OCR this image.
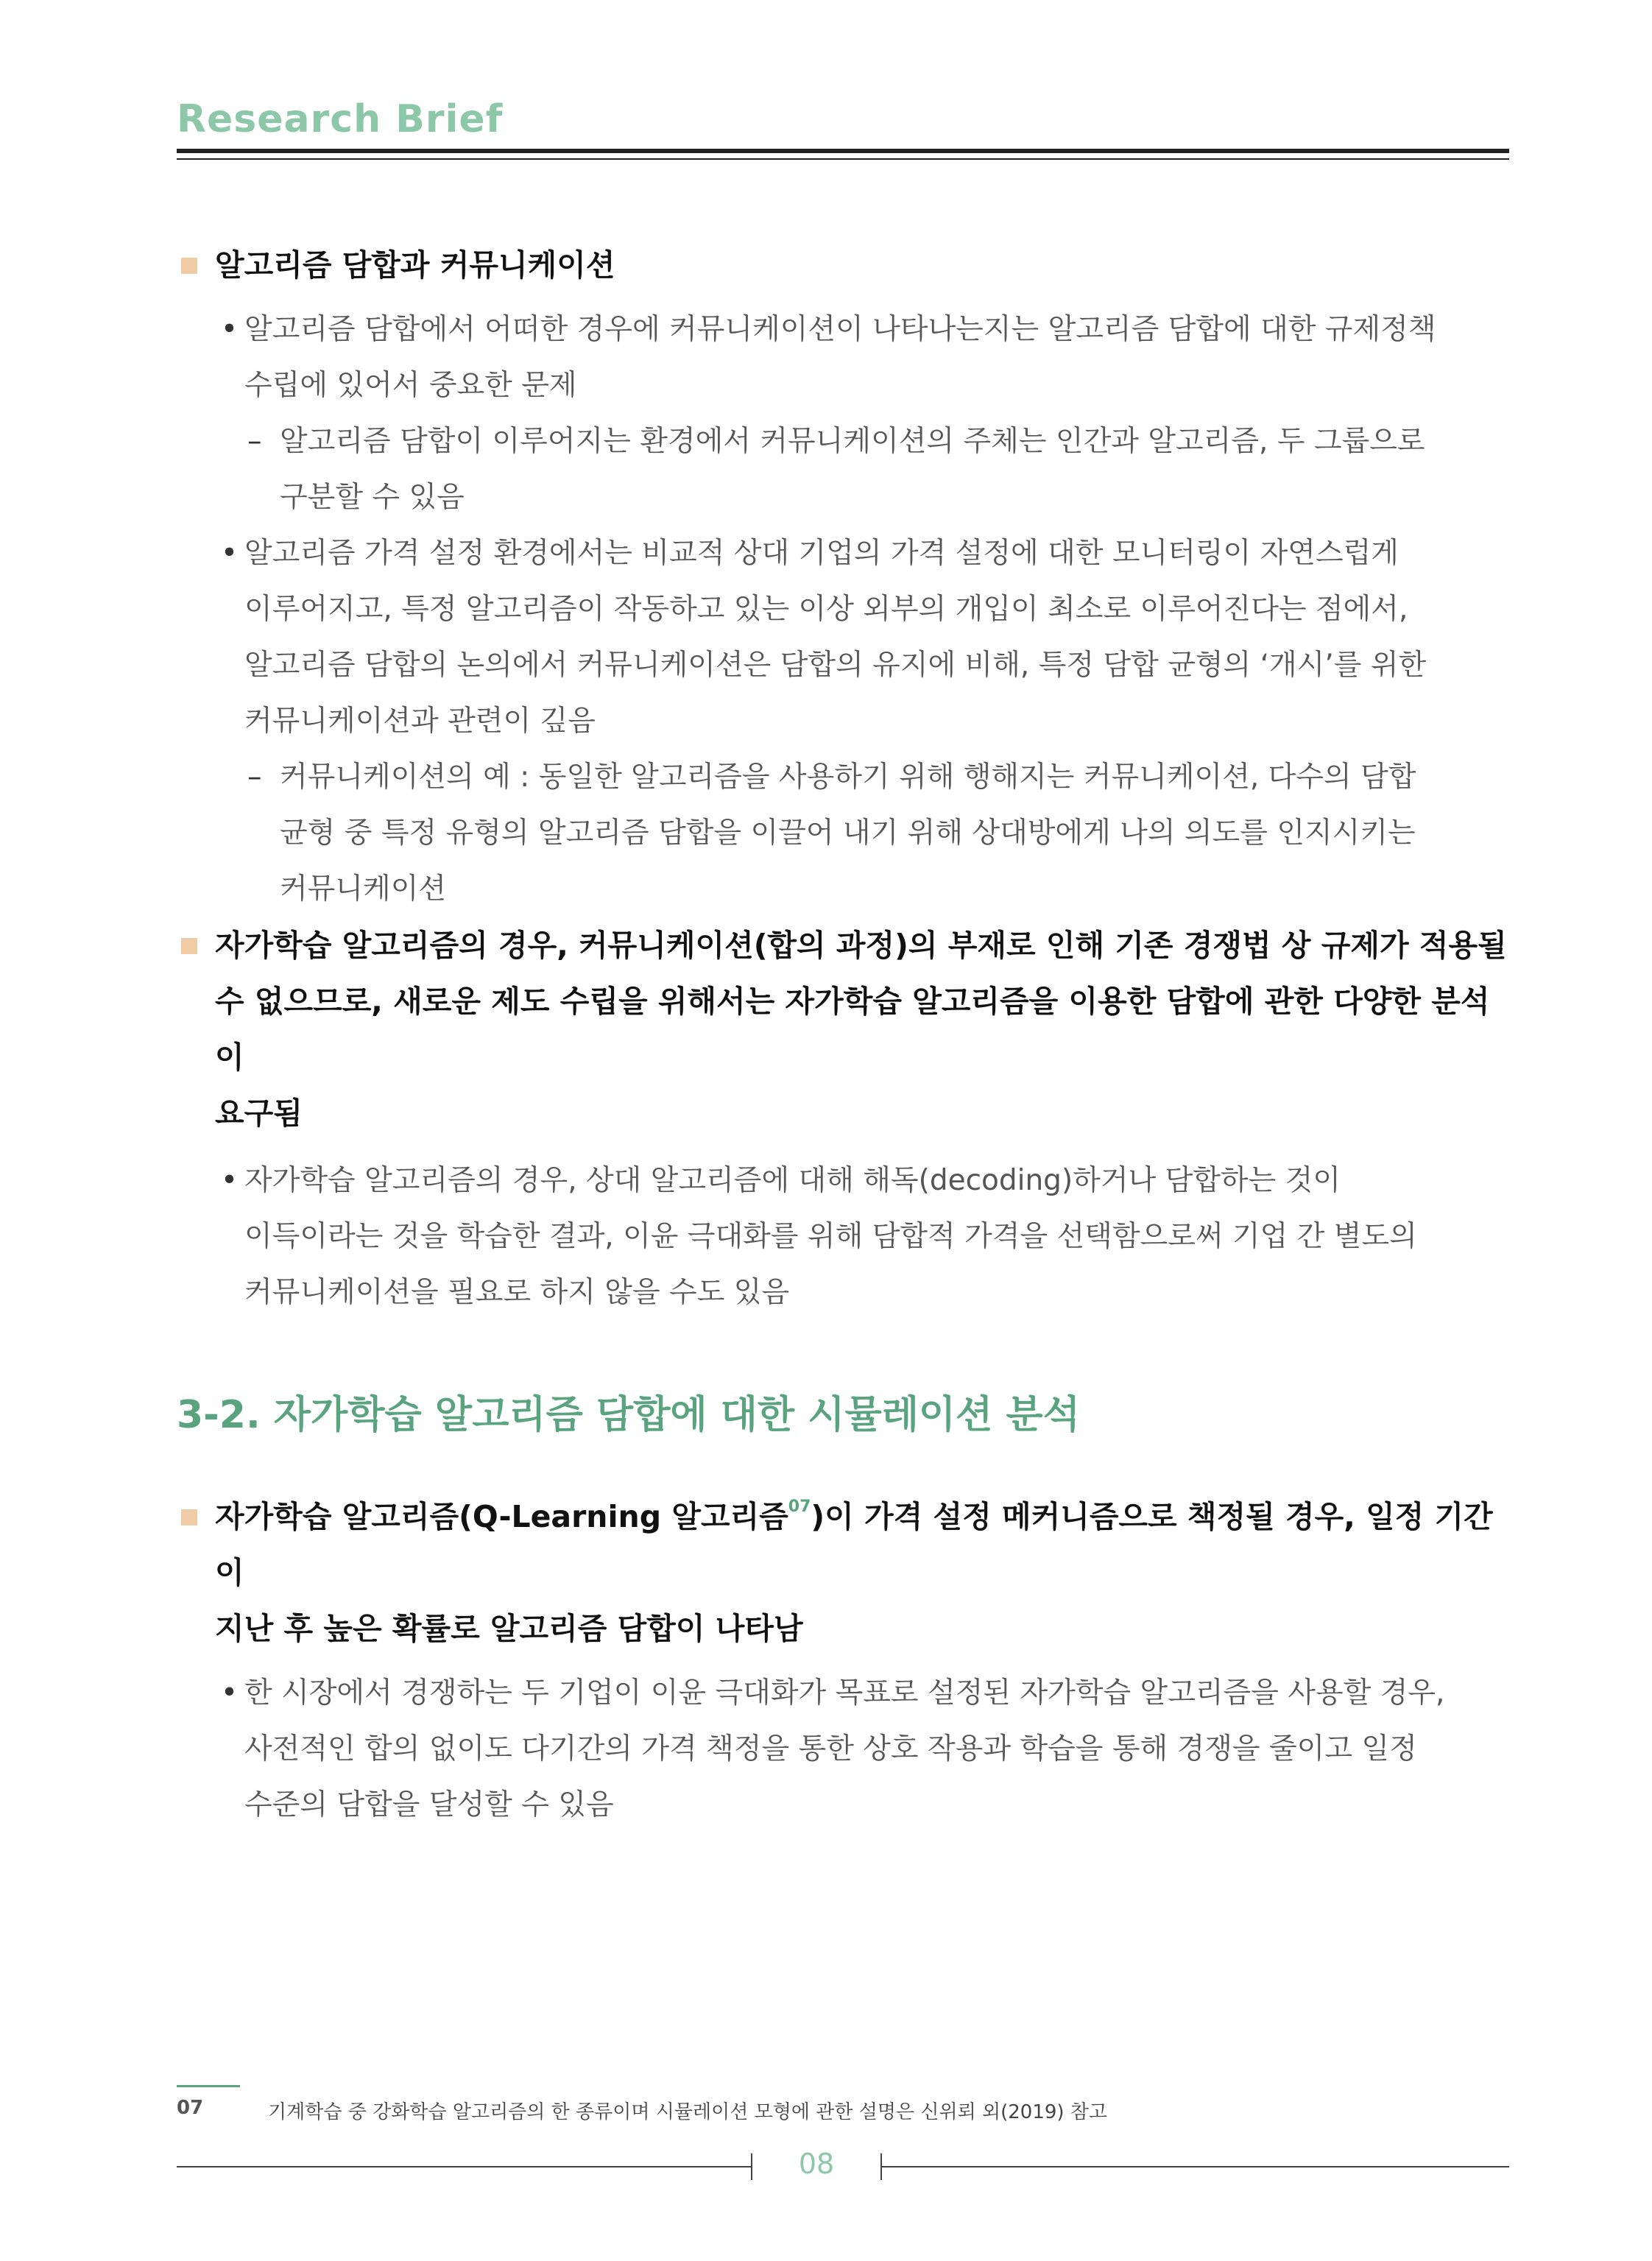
Research Brief
알고리즘 담합과 커뮤니케이션
• 알고리즘 담합에서 어떠한 경우에 커뮤니케이션이 나타나는지는 알고리즘 담합에 대한 규제정책
수립에 있어서 중요한 문제
– 알고리즘 담합이 이루어지는 환경에서 커뮤니케이션의 주체는 인간과 알고리즘, 두 그룹으로
구분할 수 있음
• 알고리즘 가격 설정 환경에서는 비교적 상대 기업의 가격 설정에 대한 모니터링이 자연스럽게
이루어지고, 특정 알고리즘이 작동하고 있는 이상 외부의 개입이 최소로 이루어진다는 점에서,
알고리즘 담합의 논의에서 커뮤니케이션은 담합의 유지에 비해, 특정 담합 균형의 ‘개시’를 위한
커뮤니케이션과 관련이 깊음
– 커뮤니케이션의 예 : 동일한 알고리즘을 사용하기 위해 행해지는 커뮤니케이션, 다수의 담합
균형 중 특정 유형의 알고리즘 담합을 이끌어 내기 위해 상대방에게 나의 의도를 인지시키는
커뮤니케이션
자가학습 알고리즘의 경우, 커뮤니케이션(합의 과정)의 부재로 인해 기존 경쟁법 상 규제가 적용될
수 없으므로, 새로운 제도 수립을 위해서는 자가학습 알고리즘을 이용한 담합에 관한 다양한 분석이
요구됨
• 자가학습 알고리즘의 경우, 상대 알고리즘에 대해 해독(decoding)하거나 담합하는 것이
이득이라는 것을 학습한 결과, 이윤 극대화를 위해 담합적 가격을 선택함으로써 기업 간 별도의
커뮤니케이션을 필요로 하지 않을 수도 있음
3-2. 자가학습 알고리즘 담합에 대한 시뮬레이션 분석
자가학습 알고리즘(Q-Learning 알고리즘$^{07}$)이 가격 설정 메커니즘으로 책정될 경우, 일정 기간이
지난 후 높은 확률로 알고리즘 담합이 나타남
• 한 시장에서 경쟁하는 두 기업이 이윤 극대화가 목표로 설정된 자가학습 알고리즘을 사용할 경우,
사전적인 합의 없이도 다기간의 가격 책정을 통한 상호 작용과 학습을 통해 경쟁을 줄이고 일정
수준의 담합을 달성할 수 있음
07	기계학습 중 강화학습 알고리즘의 한 종류이며 시뮬레이션 모형에 관한 설명은 신위뢰 외(2019) 참고
08
